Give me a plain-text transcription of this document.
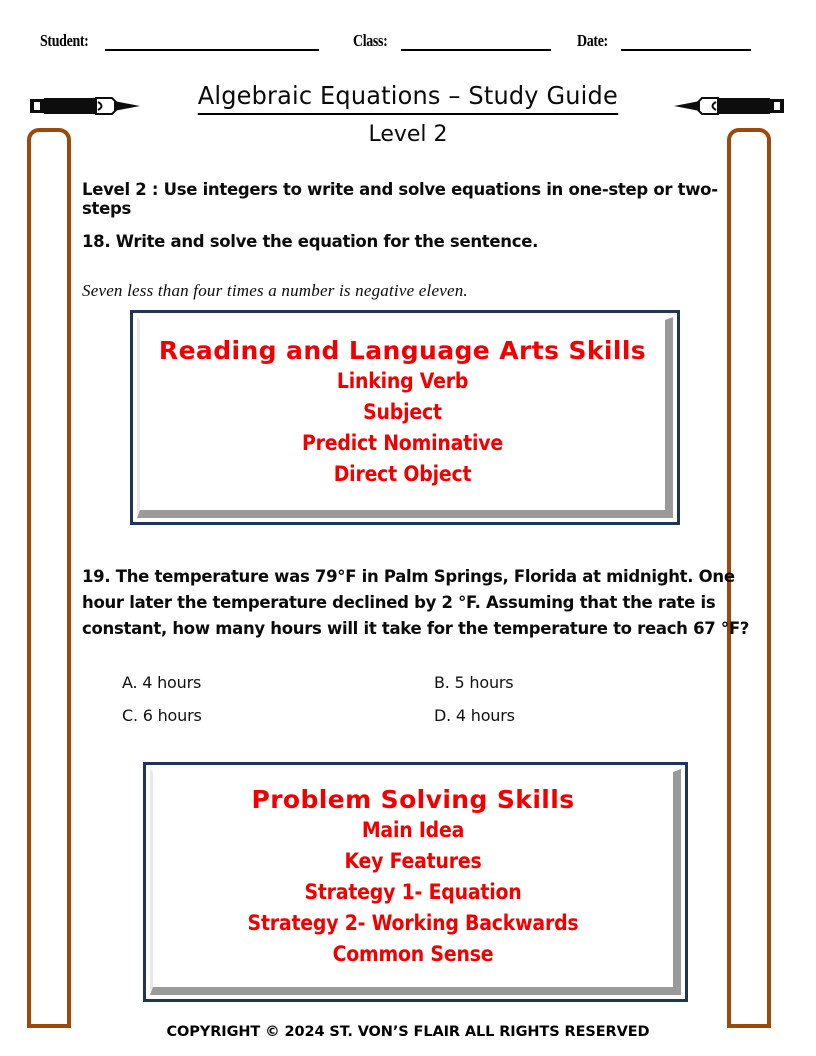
Student:	Class:	Date:
Algebraic Equations – Study Guide
Level 2
Level 2 : Use integers to write and solve equations in one-step or two-steps
18. Write and solve the equation for the sentence.
Seven less than four times a number is negative eleven.
Reading and Language Arts Skills
Linking Verb
Subject
Predict Nominative
Direct Object
19. The temperature was 79°F in Palm Springs, Florida at midnight. One hour later the temperature declined by 2 °F. Assuming that the rate is constant, how many hours will it take for the temperature to reach 67 °F?
A. 4 hours	B. 5 hours
C. 6 hours	D. 4 hours
Problem Solving Skills
Main Idea
Key Features
Strategy 1- Equation
Strategy 2- Working Backwards
Common Sense
COPYRIGHT © 2024 ST. VON’S FLAIR ALL RIGHTS RESERVED
